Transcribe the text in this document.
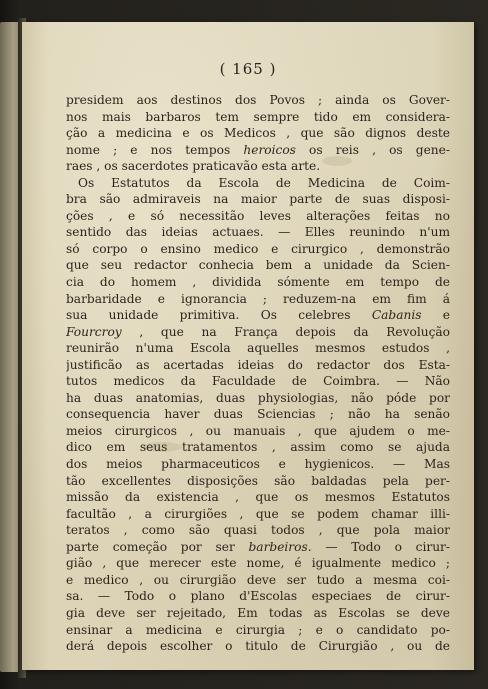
( 165 )
presidem aos destinos dos Povos ; ainda os Gover-
nos mais barbaros tem sempre tido em considera-
ção a medicina e os Medicos , que são dignos deste
nome ; e nos tempos heroicos os reis , os gene-
raes , os sacerdotes praticavão esta arte.
Os Estatutos da Escola de Medicina de Coim-
bra são admiraveis na maior parte de suas disposi-
ções , e só necessitão leves alterações feitas no
sentido das ideias actuaes. — Elles reunindo n'um
só corpo o ensino medico e cirurgico , demonstrão
que seu redactor conhecia bem a unidade da Scien-
cia do homem , dividida sómente em tempo de
barbaridade e ignorancia ; reduzem-na em fim á
sua unidade primitiva. Os celebres Cabanis e
Fourcroy , que na França depois da Revolução
reunirão n'uma Escola aquelles mesmos estudos ,
justificão as acertadas ideias do redactor dos Esta-
tutos medicos da Faculdade de Coimbra. — Não
ha duas anatomias, duas physiologias, não póde por
consequencia haver duas Sciencias ; não ha senão
meios cirurgicos , ou manuais , que ajudem o me-
dico em seus tratamentos , assim como se ajuda
dos meios pharmaceuticos e hygienicos. — Mas
tão excellentes disposições são baldadas pela per-
missão da existencia , que os mesmos Estatutos
facultão , a cirurgiões , que se podem chamar illi-
teratos , como são quasi todos , que pola maior
parte começão por ser barbeiros. — Todo o cirur-
gião , que merecer este nome, é igualmente medico ;
e medico , ou cirurgião deve ser tudo a mesma coi-
sa. — Todo o plano d'Escolas especiaes de cirur-
gia deve ser rejeitado, Em todas as Escolas se deve
ensinar a medicina e cirurgia ; e o candidato po-
derá depois escolher o titulo de Cirurgião , ou de
